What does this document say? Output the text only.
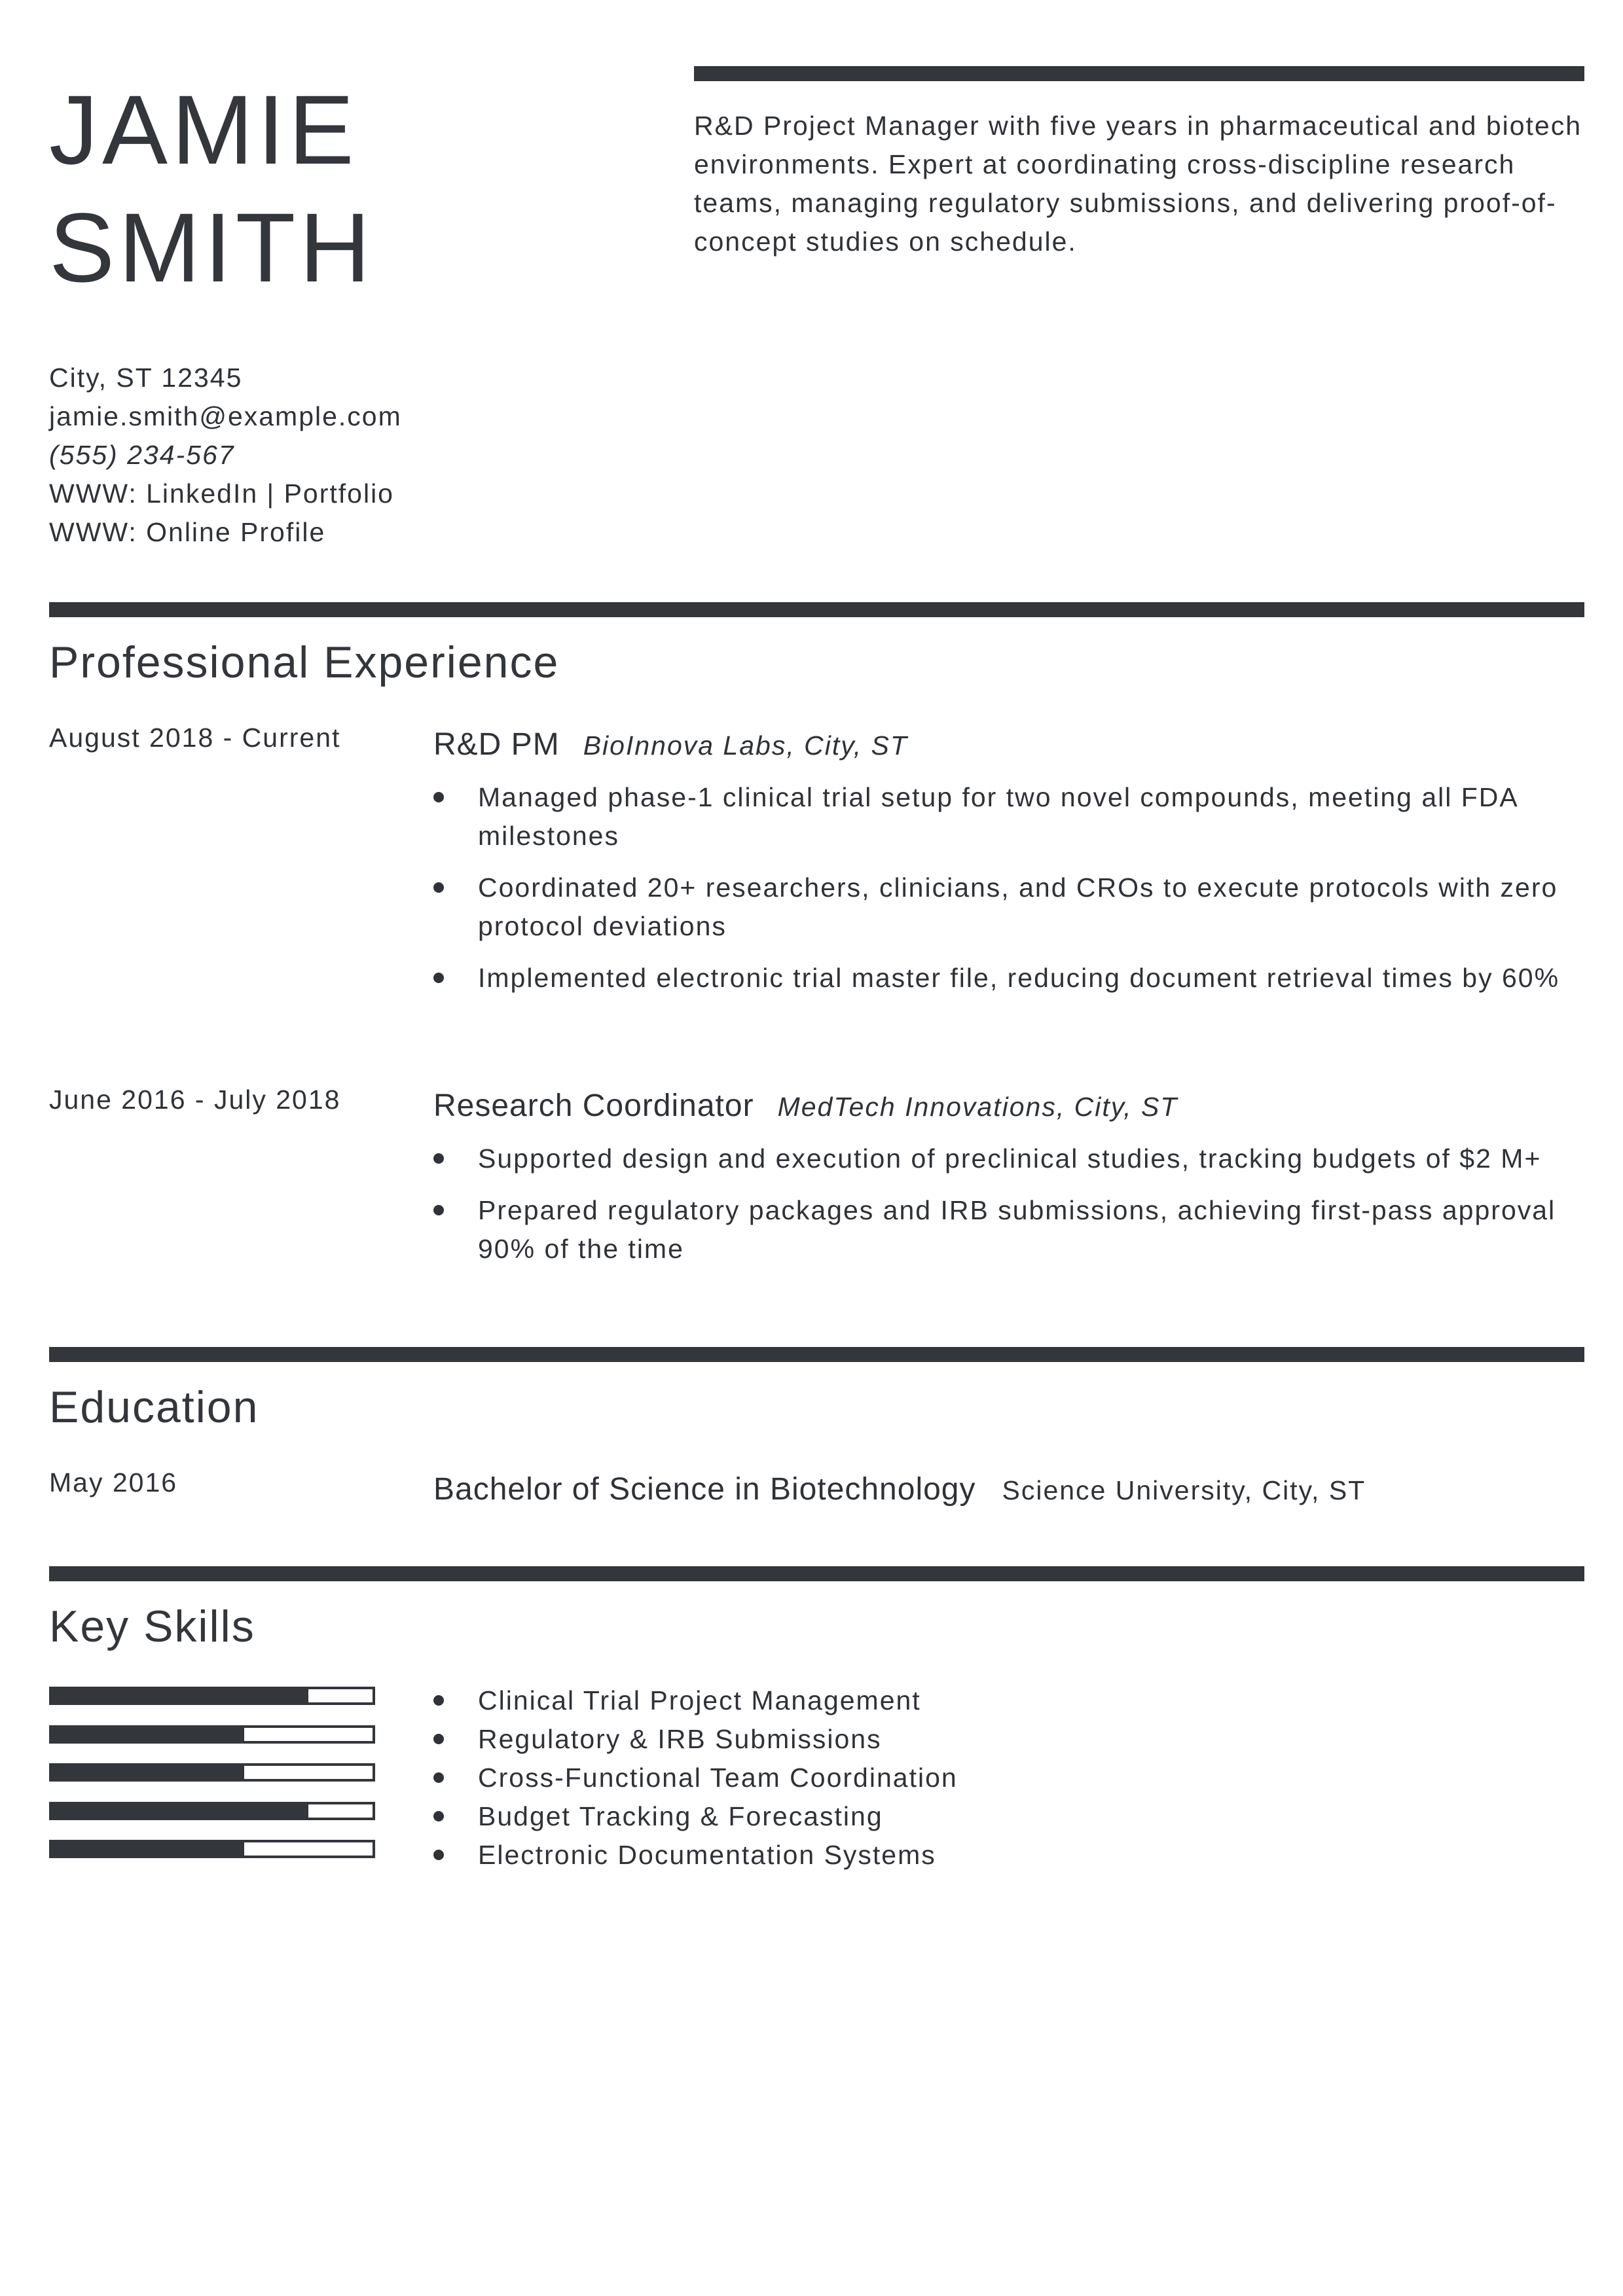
JAMIE
SMITH
R&D Project Manager with five years in pharmaceutical and biotech environments. Expert at coordinating cross-discipline research teams, managing regulatory submissions, and delivering proof-of-concept studies on schedule.
City, ST 12345
jamie.smith@example.com
(555) 234-567
WWW: LinkedIn | Portfolio
WWW: Online Profile
Professional Experience
August 2018 - Current	R&D PM BioInnova Labs, City, ST
Managed phase-1 clinical trial setup for two novel compounds, meeting all FDA milestones
Coordinated 20+ researchers, clinicians, and CROs to execute protocols with zero protocol deviations
Implemented electronic trial master file, reducing document retrieval times by 60%
June 2016 - July 2018	Research Coordinator MedTech Innovations, City, ST
Supported design and execution of preclinical studies, tracking budgets of $2 M+
Prepared regulatory packages and IRB submissions, achieving first-pass approval 90% of the time
Education
May 2016	Bachelor of Science in Biotechnology Science University, City, ST
Key Skills
Clinical Trial Project Management
Regulatory & IRB Submissions
Cross-Functional Team Coordination
Budget Tracking & Forecasting
Electronic Documentation Systems
